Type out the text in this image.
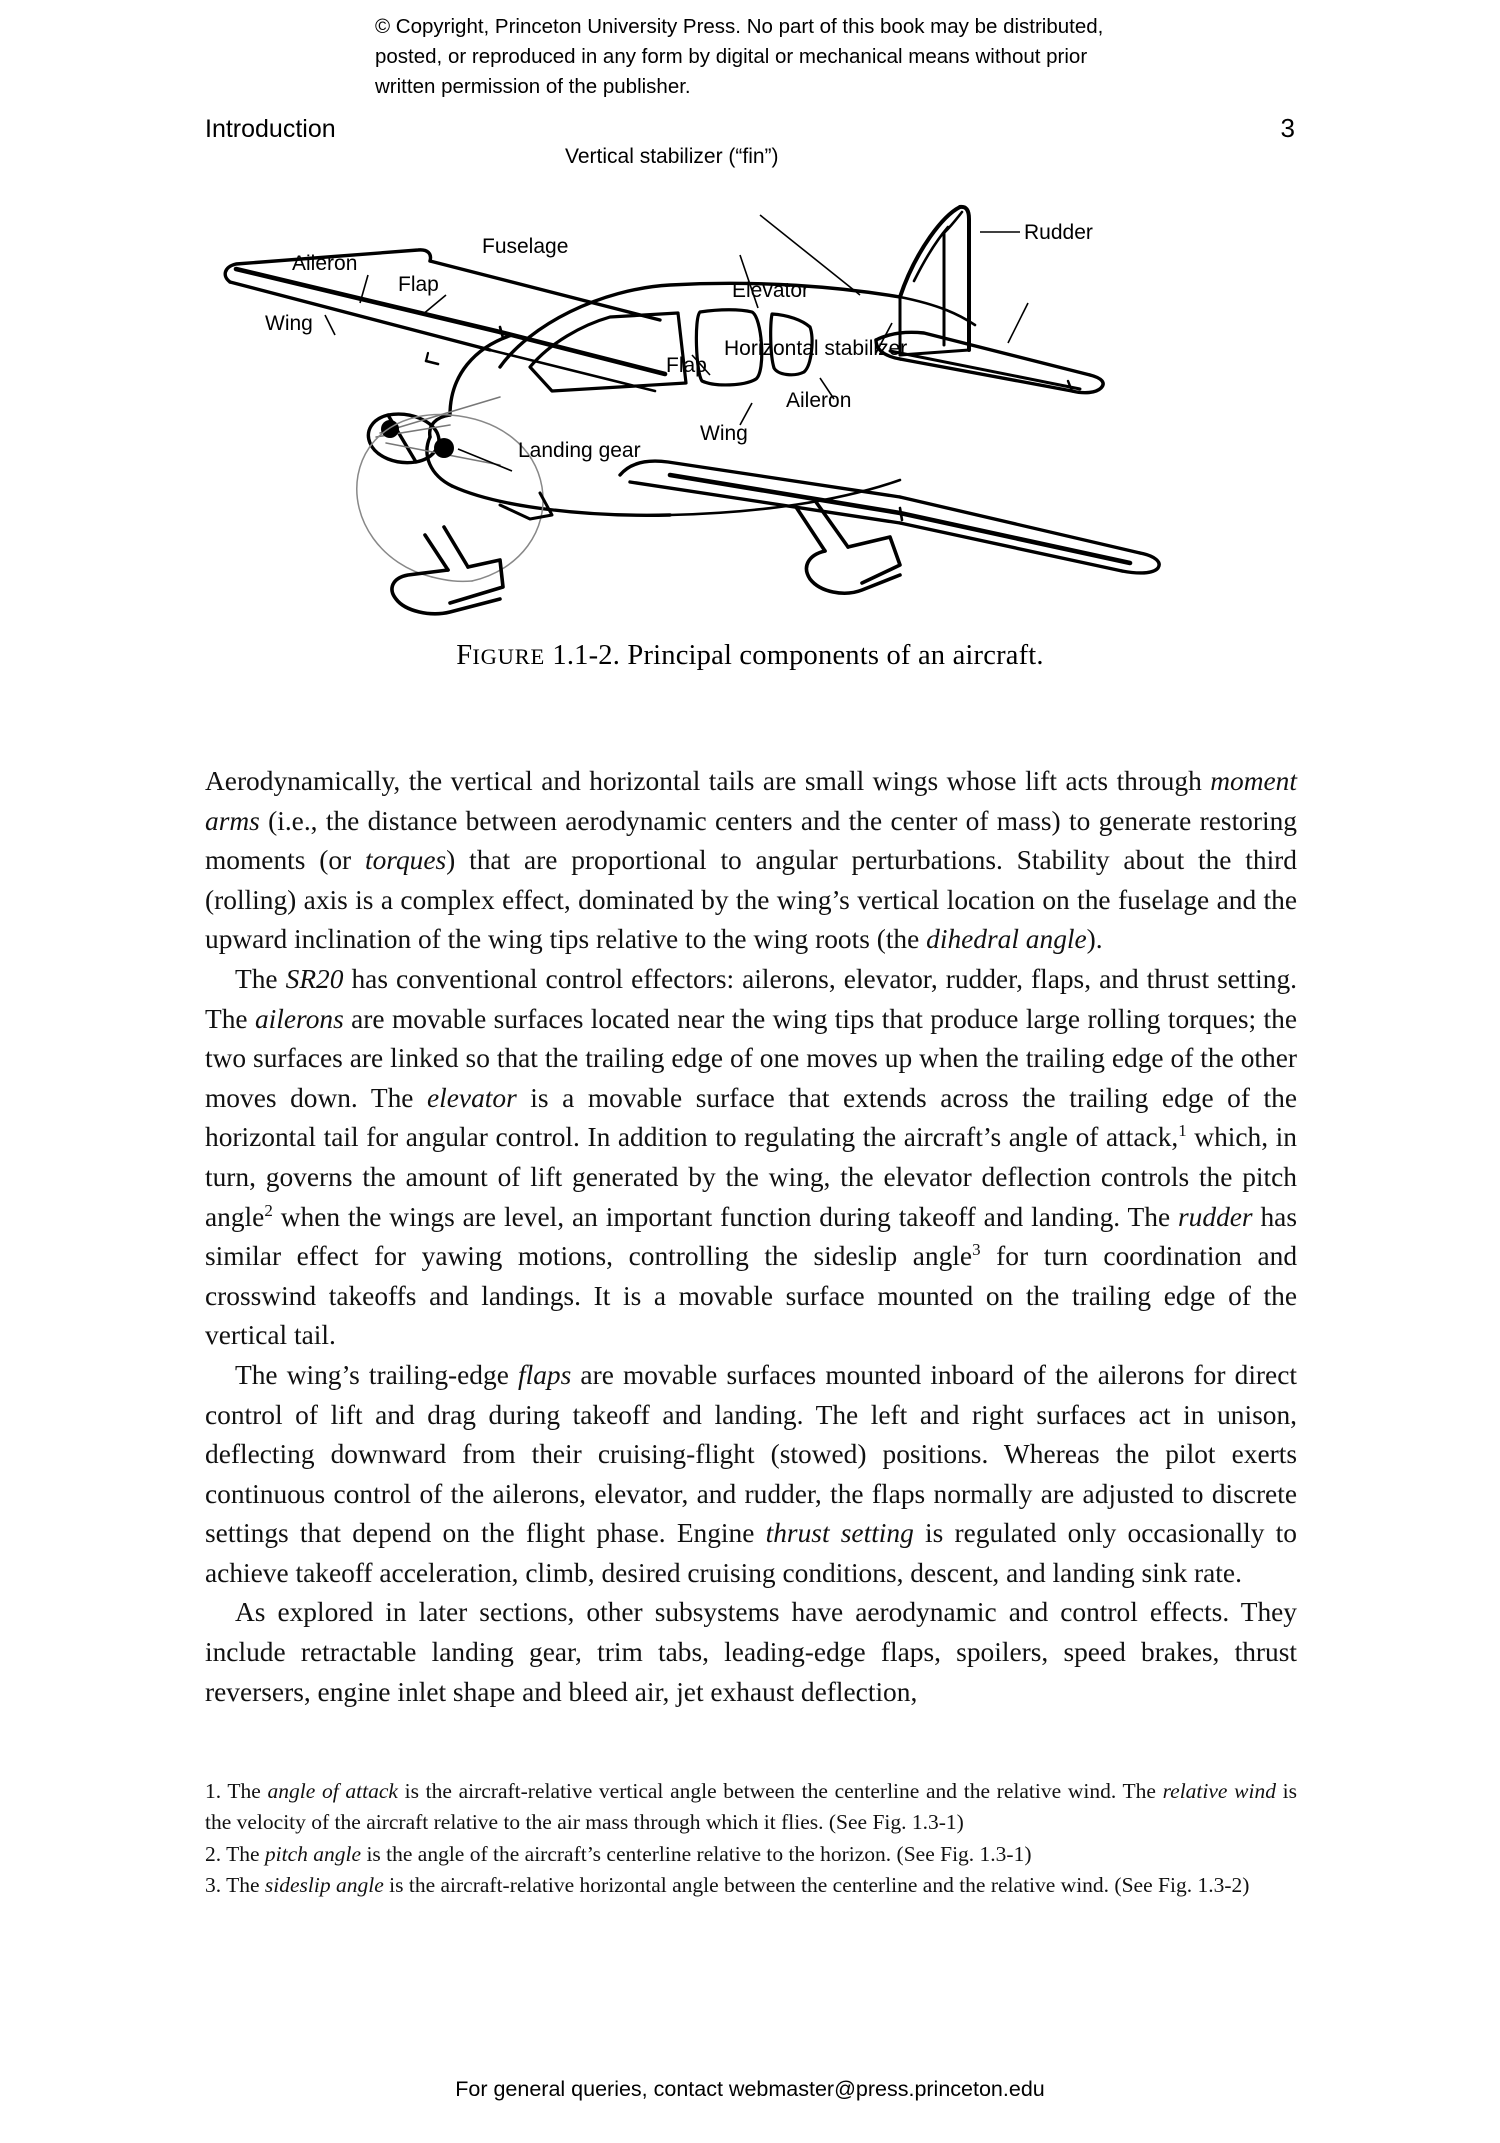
© Copyright, Princeton University Press. No part of this book may be distributed, posted, or reproduced in any form by digital or mechanical means without prior written permission of the publisher.
Introduction	3
Vertical stabilizer (“fin”)
Rudder
Fuselage
Aileron
Flap
Wing
Elevator
Horizontal stabilizer
Flap
Aileron
Wing
Landing gear
FIGURE 1.1-2. Principal components of an aircraft.

Aerodynamically, the vertical and horizontal tails are small wings whose lift acts through moment arms (i.e., the distance between aerodynamic centers and the center of mass) to generate restoring moments (or torques) that are proportional to angular perturbations. Stability about the third (rolling) axis is a complex effect, dominated by the wing’s vertical location on the fuselage and the upward inclination of the wing tips relative to the wing roots (the dihedral angle).

The SR20 has conventional control effectors: ailerons, elevator, rudder, flaps, and thrust setting. The ailerons are movable surfaces located near the wing tips that produce large rolling torques; the two surfaces are linked so that the trailing edge of one moves up when the trailing edge of the other moves down. The elevator is a movable surface that extends across the trailing edge of the horizontal tail for angular control. In addition to regulating the aircraft’s angle of attack,$^1$ which, in turn, governs the amount of lift generated by the wing, the elevator deflection controls the pitch angle$^2$ when the wings are level, an important function during takeoff and landing. The rudder has similar effect for yawing motions, controlling the sideslip angle$^3$ for turn coordination and crosswind takeoffs and landings. It is a movable surface mounted on the trailing edge of the vertical tail.

The wing’s trailing-edge flaps are movable surfaces mounted inboard of the ailerons for direct control of lift and drag during takeoff and landing. The left and right surfaces act in unison, deflecting downward from their cruising-flight (stowed) positions. Whereas the pilot exerts continuous control of the ailerons, elevator, and rudder, the flaps normally are adjusted to discrete settings that depend on the flight phase. Engine thrust setting is regulated only occasionally to achieve takeoff acceleration, climb, desired cruising conditions, descent, and landing sink rate.

As explored in later sections, other subsystems have aerodynamic and control effects. They include retractable landing gear, trim tabs, leading-edge flaps, spoilers, speed brakes, thrust reversers, engine inlet shape and bleed air, jet exhaust deflection,

1. The angle of attack is the aircraft-relative vertical angle between the centerline and the relative wind. The relative wind is the velocity of the aircraft relative to the air mass through which it flies. (See Fig. 1.3-1)

2. The pitch angle is the angle of the aircraft’s centerline relative to the horizon. (See Fig. 1.3-1)

3. The sideslip angle is the aircraft-relative horizontal angle between the centerline and the relative wind. (See Fig. 1.3-2)

For general queries, contact webmaster@press.princeton.edu
